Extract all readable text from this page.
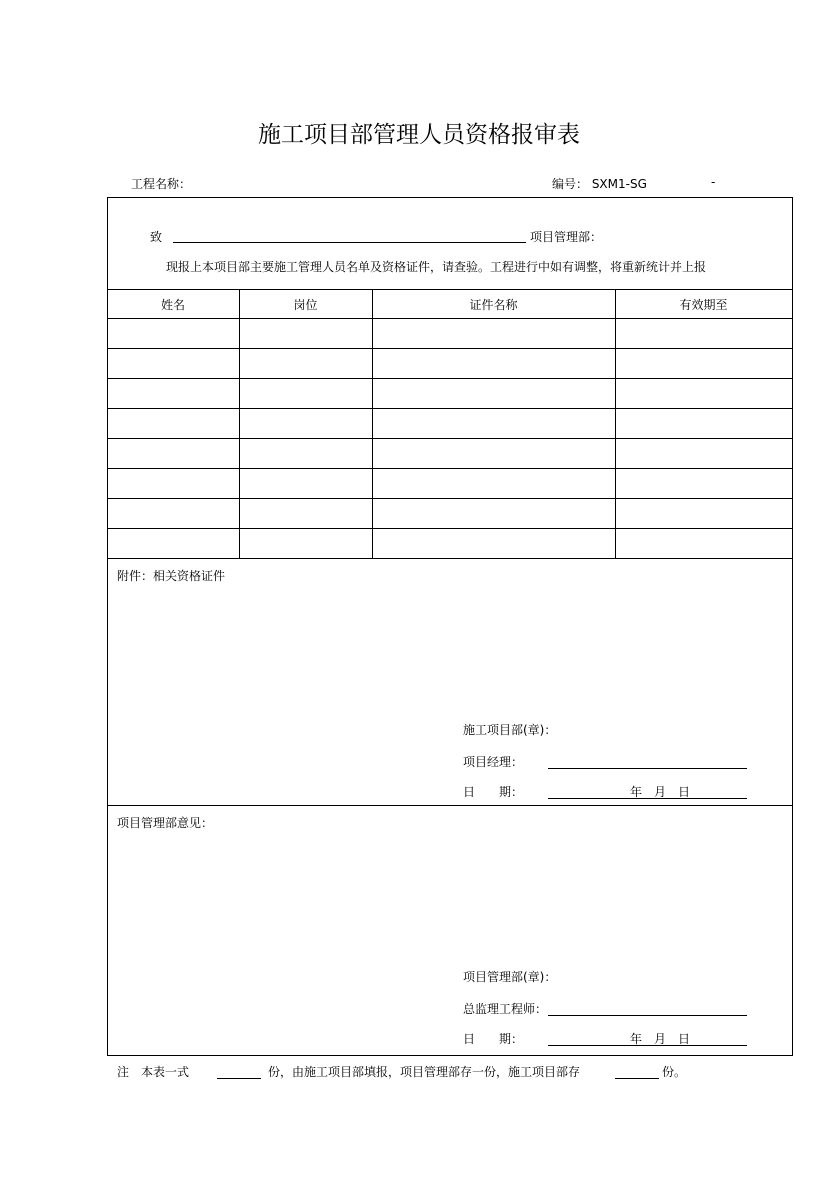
施工项目部管理人员资格报审表
工程名称：	编号： SXM1-SG	-
致	项目管理部：
现报上本项目部主要施工管理人员名单及资格证件，请查验。工程进行中如有调整，将重新统计并上报
姓名	岗位	证件名称	有效期至
附件：相关资格证件
施工项目部(章)：
项目经理：
日　　期：	年　月　日
项目管理部意见：
项目管理部(章)：
总监理工程师：
日　　期：	年　月　日
注　本表一式	份，由施工项目部填报，项目管理部存一份，施工项目部存	份。
